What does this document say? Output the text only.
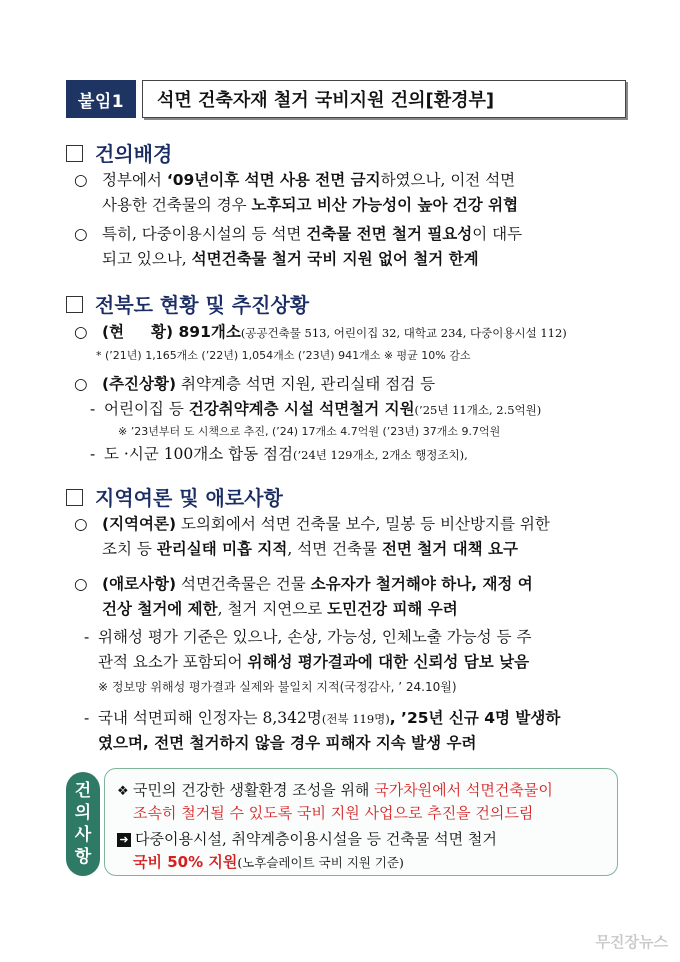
붙임1	석면 건축자재 철거 국비지원 건의[환경부]
건의배경
○ 정부에서 ‘09년이후 석면 사용 전면 금지하였으나, 이전 석면
사용한 건축물의 경우 노후되고 비산 가능성이 높아 건강 위협
○ 특히, 다중이용시설의 등 석면 건축물 전면 철거 필요성이 대두
되고 있으나, 석면건축물 철거 국비 지원 없어 철거 한계
전북도 현황 및 추진상황
○ (현     황) 891개소(공공건축물 513, 어린이집 32, 대학교 234, 다중이용시설 112)
* (’21년) 1,165개소 (’22년) 1,054개소 (’23년) 941개소 ※ 평균 10% 감소
○ (추진상황) 취약계층 석면 지원, 관리실태 점검 등
- 어린이집 등 건강취약계층 시설 석면철거 지원(’25년 11개소, 2.5억원)
※ ’23년부터 도 시책으로 추진, (’24) 17개소 4.7억원 (’23년) 37개소 9.7억원
- 도 ·시군 100개소 합동 점검(’24년 129개소, 2개소 행정조치),
지역여론 및 애로사항
○ (지역여론) 도의회에서 석면 건축물 보수, 밀봉 등 비산방지를 위한
조치 등 관리실태 미흡 지적, 석면 건축물 전면 철거 대책 요구
○ (애로사항) 석면건축물은 건물 소유자가 철거해야 하나, 재정 여
건상 철거에 제한, 철거 지연으로 도민건강 피해 우려
- 위해성 평가 기준은 있으나, 손상, 가능성, 인체노출 가능성 등 주
관적 요소가 포함되어 위해성 평가결과에 대한 신뢰성 담보 낮음
※ 정보망 위해성 평가결과 실제와 불일치 지적(국정감사, ’ 24.10월)
- 국내 석면피해 인정자는 8,342명(전북 119명), ’25년 신규 4명 발생하
였으며, 전면 철거하지 않을 경우 피해자 지속 발생 우려
건
의
사
항
❖ 국민의 건강한 생활환경 조성을 위해 국가차원에서 석면건축물이
조속히 철거될 수 있도록 국비 지원 사업으로 추진을 건의드림
➜ 다중이용시설, 취약계층이용시설을 등 건축물 석면 철거
국비 50% 지원(노후슬레이트 국비 지원 기준)
무진장뉴스
